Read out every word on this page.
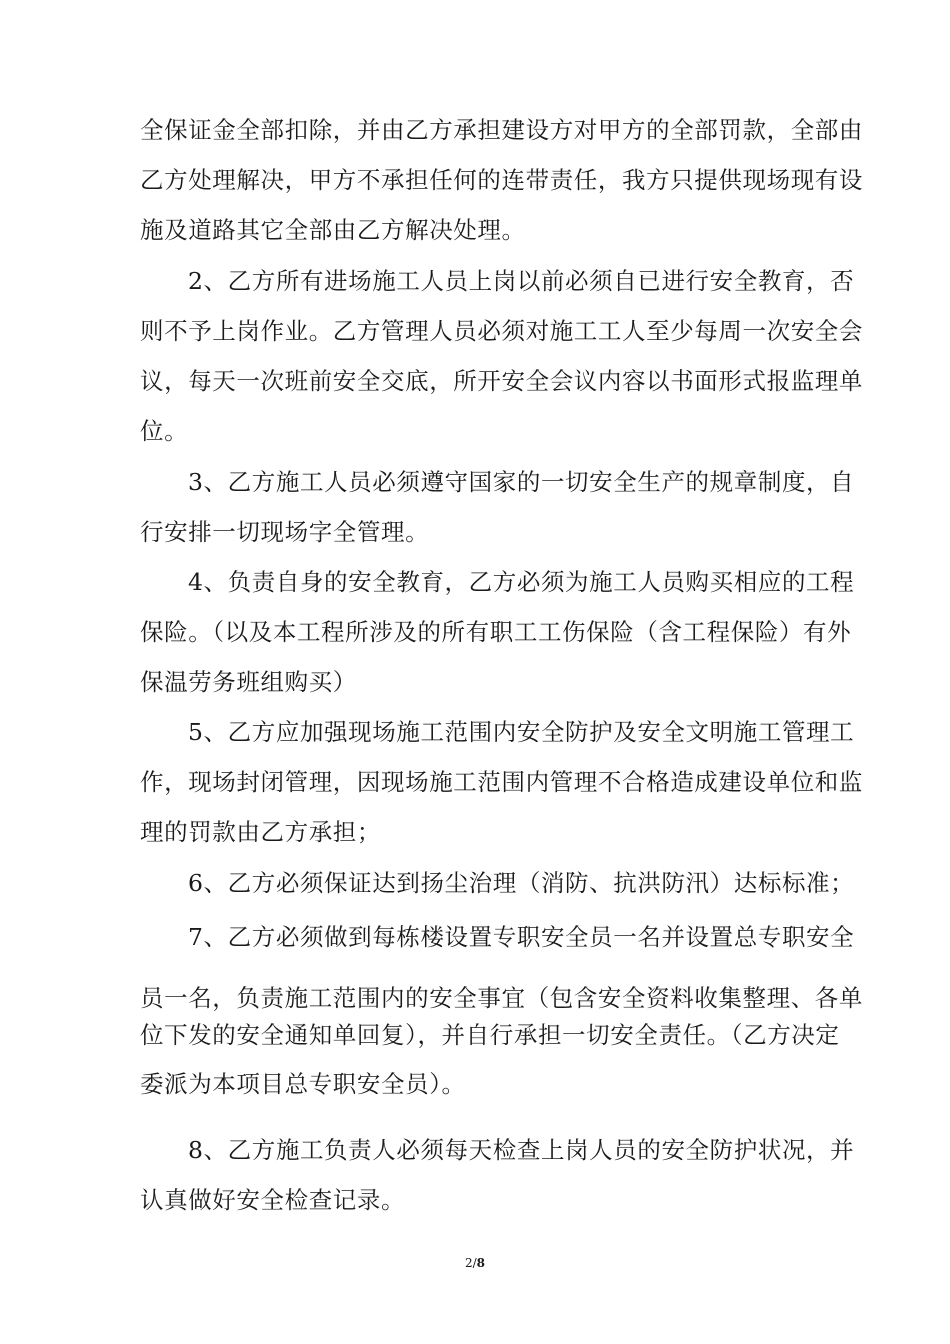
全保证金全部扣除，并由乙方承担建设方对甲方的全部罚款，全部由
乙方处理解决，甲方不承担任何的连带责任，我方只提供现场现有设
施及道路其它全部由乙方解决处理。
2、乙方所有进场施工人员上岗以前必须自已进行安全教育，否
则不予上岗作业。乙方管理人员必须对施工工人至少每周一次安全会
议，每天一次班前安全交底，所开安全会议内容以书面形式报监理单
位。
3、乙方施工人员必须遵守国家的一切安全生产的规章制度，自
行安排一切现场字全管理。
4、负责自身的安全教育，乙方必须为施工人员购买相应的工程
保险。（以及本工程所涉及的所有职工工伤保险（含工程保险）有外
保温劳务班组购买）
5、乙方应加强现场施工范围内安全防护及安全文明施工管理工
作，现场封闭管理，因现场施工范围内管理不合格造成建设单位和监
理的罚款由乙方承担；
6、乙方必须保证达到扬尘治理（消防、抗洪防汛）达标标准；
7、乙方必须做到每栋楼设置专职安全员一名并设置总专职安全
员一名，负责施工范围内的安全事宜（包含安全资料收集整理、各单
位下发的安全通知单回复），并自行承担一切安全责任。（乙方决定
委派为本项目总专职安全员）。
8、乙方施工负责人必须每天检查上岗人员的安全防护状况，并
认真做好安全检查记录。
2/8
